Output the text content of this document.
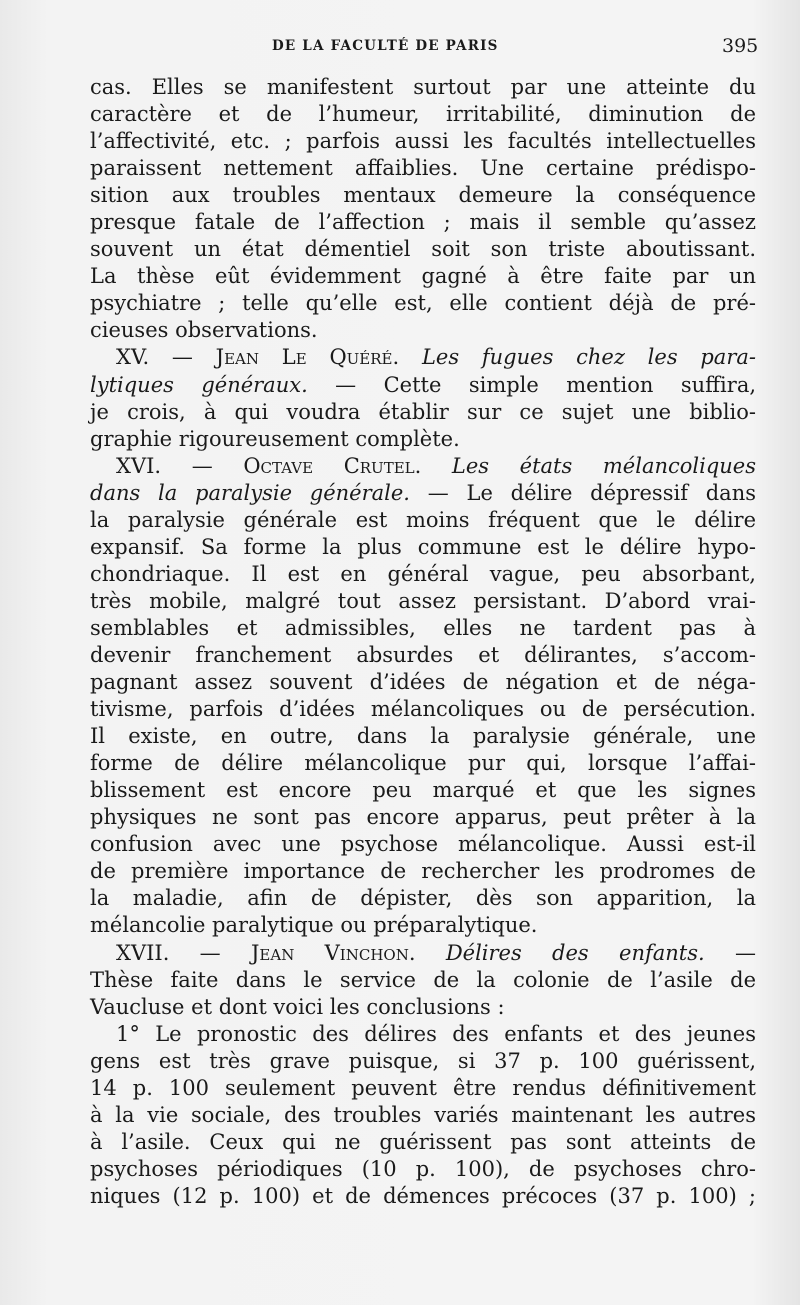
DE LA FACULTÉ DE PARIS	395
cas. Elles se manifestent surtout par une atteinte du
caractère et de l’humeur, irritabilité, diminution de
l’affectivité, etc. ; parfois aussi les facultés intellectuelles
paraissent nettement affaiblies. Une certaine prédispo-
sition aux troubles mentaux demeure la conséquence
presque fatale de l’affection ; mais il semble qu’assez
souvent un état démentiel soit son triste aboutissant.
La thèse eût évidemment gagné à être faite par un
psychiatre ; telle qu’elle est, elle contient déjà de pré-
cieuses observations.
XV. — Jean Le Quéré. Les fugues chez les para-
lytiques généraux. — Cette simple mention suffira,
je crois, à qui voudra établir sur ce sujet une biblio-
graphie rigoureusement complète.
XVI. — Octave Crutel. Les états mélancoliques
dans la paralysie générale. — Le délire dépressif dans
la paralysie générale est moins fréquent que le délire
expansif. Sa forme la plus commune est le délire hypo-
chondriaque. Il est en général vague, peu absorbant,
très mobile, malgré tout assez persistant. D’abord vrai-
semblables et admissibles, elles ne tardent pas à
devenir franchement absurdes et délirantes, s’accom-
pagnant assez souvent d’idées de négation et de néga-
tivisme, parfois d’idées mélancoliques ou de persécution.
Il existe, en outre, dans la paralysie générale, une
forme de délire mélancolique pur qui, lorsque l’affai-
blissement est encore peu marqué et que les signes
physiques ne sont pas encore apparus, peut prêter à la
confusion avec une psychose mélancolique. Aussi est-il
de première importance de rechercher les prodromes de
la maladie, afin de dépister, dès son apparition, la
mélancolie paralytique ou préparalytique.
XVII. — Jean Vinchon. Délires des enfants. —
Thèse faite dans le service de la colonie de l’asile de
Vaucluse et dont voici les conclusions :
1° Le pronostic des délires des enfants et des jeunes
gens est très grave puisque, si 37 p. 100 guérissent,
14 p. 100 seulement peuvent être rendus définitivement
à la vie sociale, des troubles variés maintenant les autres
à l’asile. Ceux qui ne guérissent pas sont atteints de
psychoses périodiques (10 p. 100), de psychoses chro-
niques (12 p. 100) et de démences précoces (37 p. 100) ;
